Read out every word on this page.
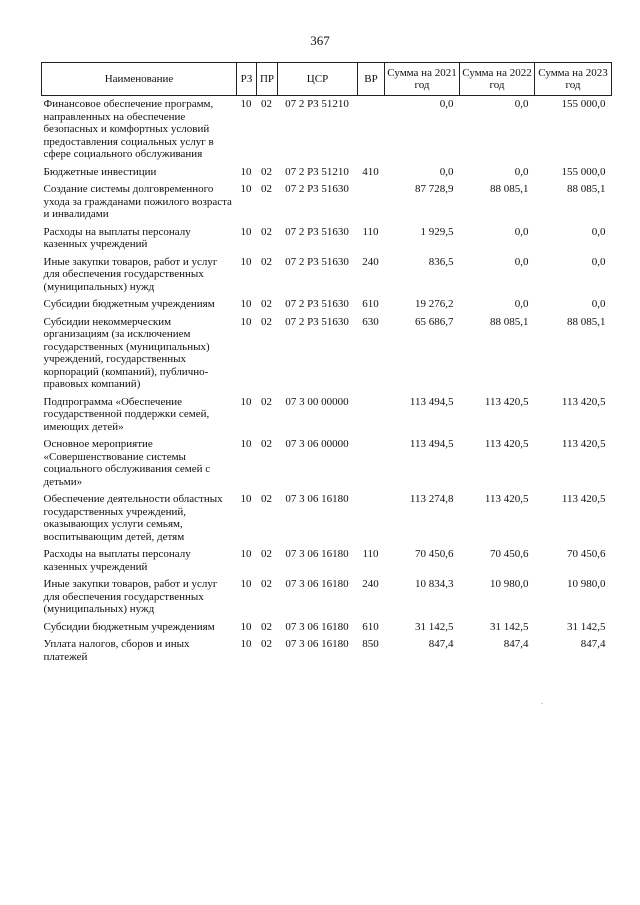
367
Наименование	РЗ	ПР	ЦСР	ВР	Сумма на 2021 год	Сумма на 2022 год	Сумма на 2023 год
Финансовое обеспечение программ, направленных на обеспечение безопасных и комфортных условий предоставления социальных услуг в сфере социального обслуживания	10	02	07 2 P3 51210		0,0	0,0	155 000,0
Бюджетные инвестиции	10	02	07 2 P3 51210	410	0,0	0,0	155 000,0
Создание системы долговременного ухода за гражданами пожилого возраста и инвалидами	10	02	07 2 P3 51630		87 728,9	88 085,1	88 085,1
Расходы на выплаты персоналу казенных учреждений	10	02	07 2 P3 51630	110	1 929,5	0,0	0,0
Иные закупки товаров, работ и услуг для обеспечения государственных (муниципальных) нужд	10	02	07 2 P3 51630	240	836,5	0,0	0,0
Субсидии бюджетным учреждениям	10	02	07 2 P3 51630	610	19 276,2	0,0	0,0
Субсидии некоммерческим организациям (за исключением государственных (муниципальных) учреждений, государственных корпораций (компаний), публично-правовых компаний)	10	02	07 2 P3 51630	630	65 686,7	88 085,1	88 085,1
Подпрограмма «Обеспечение государственной поддержки семей, имеющих детей»	10	02	07 3 00 00000		113 494,5	113 420,5	113 420,5
Основное мероприятие «Совершенствование системы социального обслуживания семей с детьми»	10	02	07 3 06 00000		113 494,5	113 420,5	113 420,5
Обеспечение деятельности областных государственных учреждений, оказывающих услуги семьям, воспитывающим детей, детям	10	02	07 3 06 16180		113 274,8	113 420,5	113 420,5
Расходы на выплаты персоналу казенных учреждений	10	02	07 3 06 16180	110	70 450,6	70 450,6	70 450,6
Иные закупки товаров, работ и услуг для обеспечения государственных (муниципальных) нужд	10	02	07 3 06 16180	240	10 834,3	10 980,0	10 980,0
Субсидии бюджетным учреждениям	10	02	07 3 06 16180	610	31 142,5	31 142,5	31 142,5
Уплата налогов, сборов и иных платежей	10	02	07 3 06 16180	850	847,4	847,4	847,4
.
